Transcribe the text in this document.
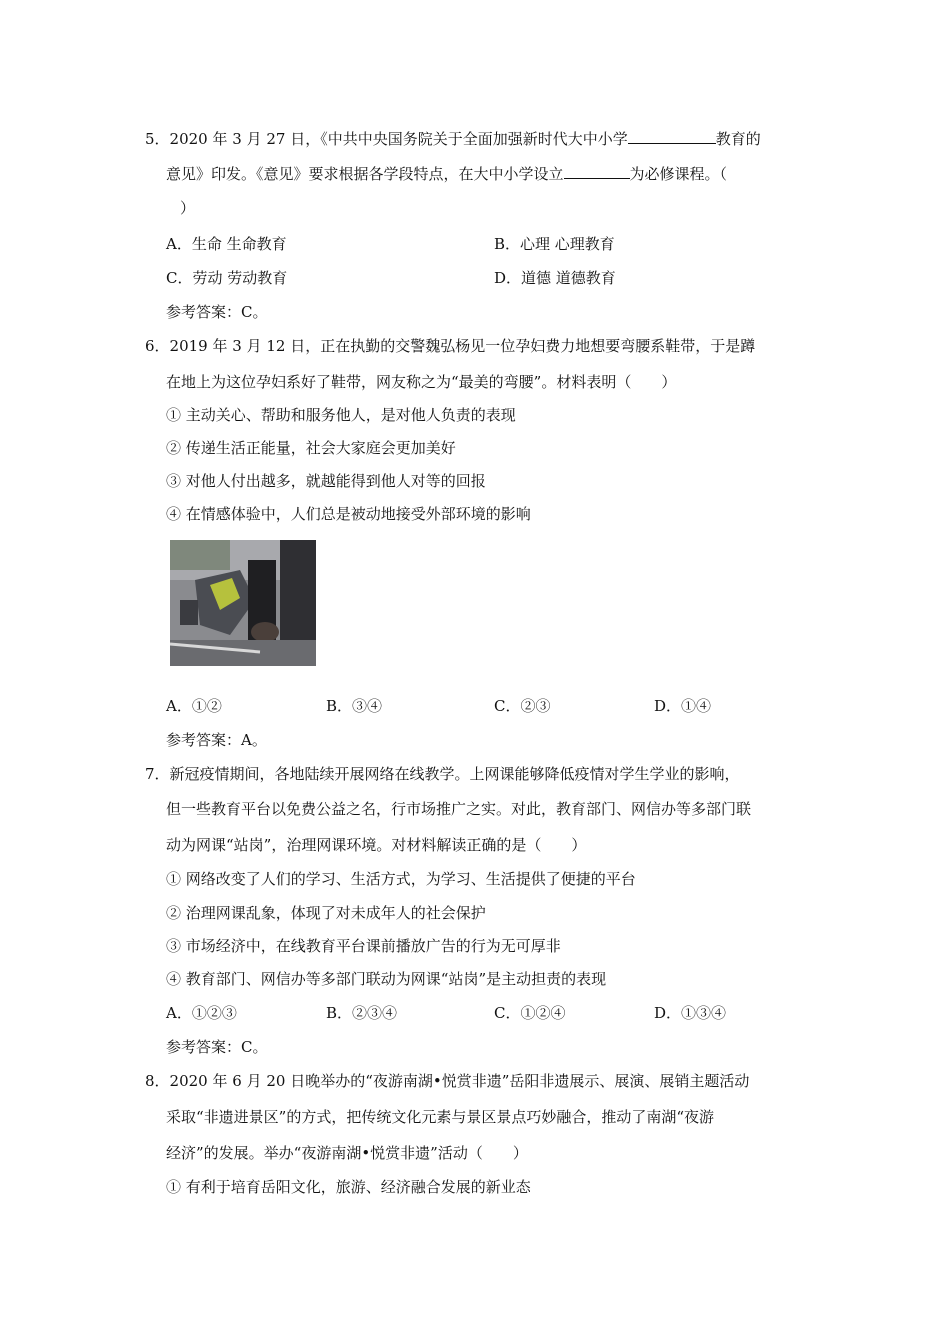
5．2020 年 3 月 27 日，《中共中央国务院关于全面加强新时代大中小学	教育的
意见》印发。《意见》要求根据各学段特点，在大中小学设立	为必修课程。（
）
A．生命 生命教育	B．心理 心理教育
C．劳动 劳动教育	D．道德 道德教育
参考答案：C。
6．2019 年 3 月 12 日，正在执勤的交警魏弘杨见一位孕妇费力地想要弯腰系鞋带，于是蹲
在地上为这位孕妇系好了鞋带，网友称之为“最美的弯腰”。材料表明（　　）
① 主动关心、帮助和服务他人，是对他人负责的表现
② 传递生活正能量，社会大家庭会更加美好
③ 对他人付出越多，就越能得到他人对等的回报
④ 在情感体验中，人们总是被动地接受外部环境的影响
A．①②	B．③④	C．②③	D．①④
参考答案：A。
7．新冠疫情期间，各地陆续开展网络在线教学。上网课能够降低疫情对学生学业的影响，
但一些教育平台以免费公益之名，行市场推广之实。对此，教育部门、网信办等多部门联
动为网课“站岗”，治理网课环境。对材料解读正确的是（　　）
① 网络改变了人们的学习、生活方式，为学习、生活提供了便捷的平台
② 治理网课乱象，体现了对未成年人的社会保护
③ 市场经济中，在线教育平台课前播放广告的行为无可厚非
④ 教育部门、网信办等多部门联动为网课“站岗”是主动担责的表现
A．①②③	B．②③④	C．①②④	D．①③④
参考答案：C。
8．2020 年 6 月 20 日晚举办的“夜游南湖•悦赏非遗”岳阳非遗展示、展演、展销主题活动
采取“非遗进景区”的方式，把传统文化元素与景区景点巧妙融合，推动了南湖“夜游
经济”的发展。举办“夜游南湖•悦赏非遗”活动（　　）
① 有利于培育岳阳文化，旅游、经济融合发展的新业态
